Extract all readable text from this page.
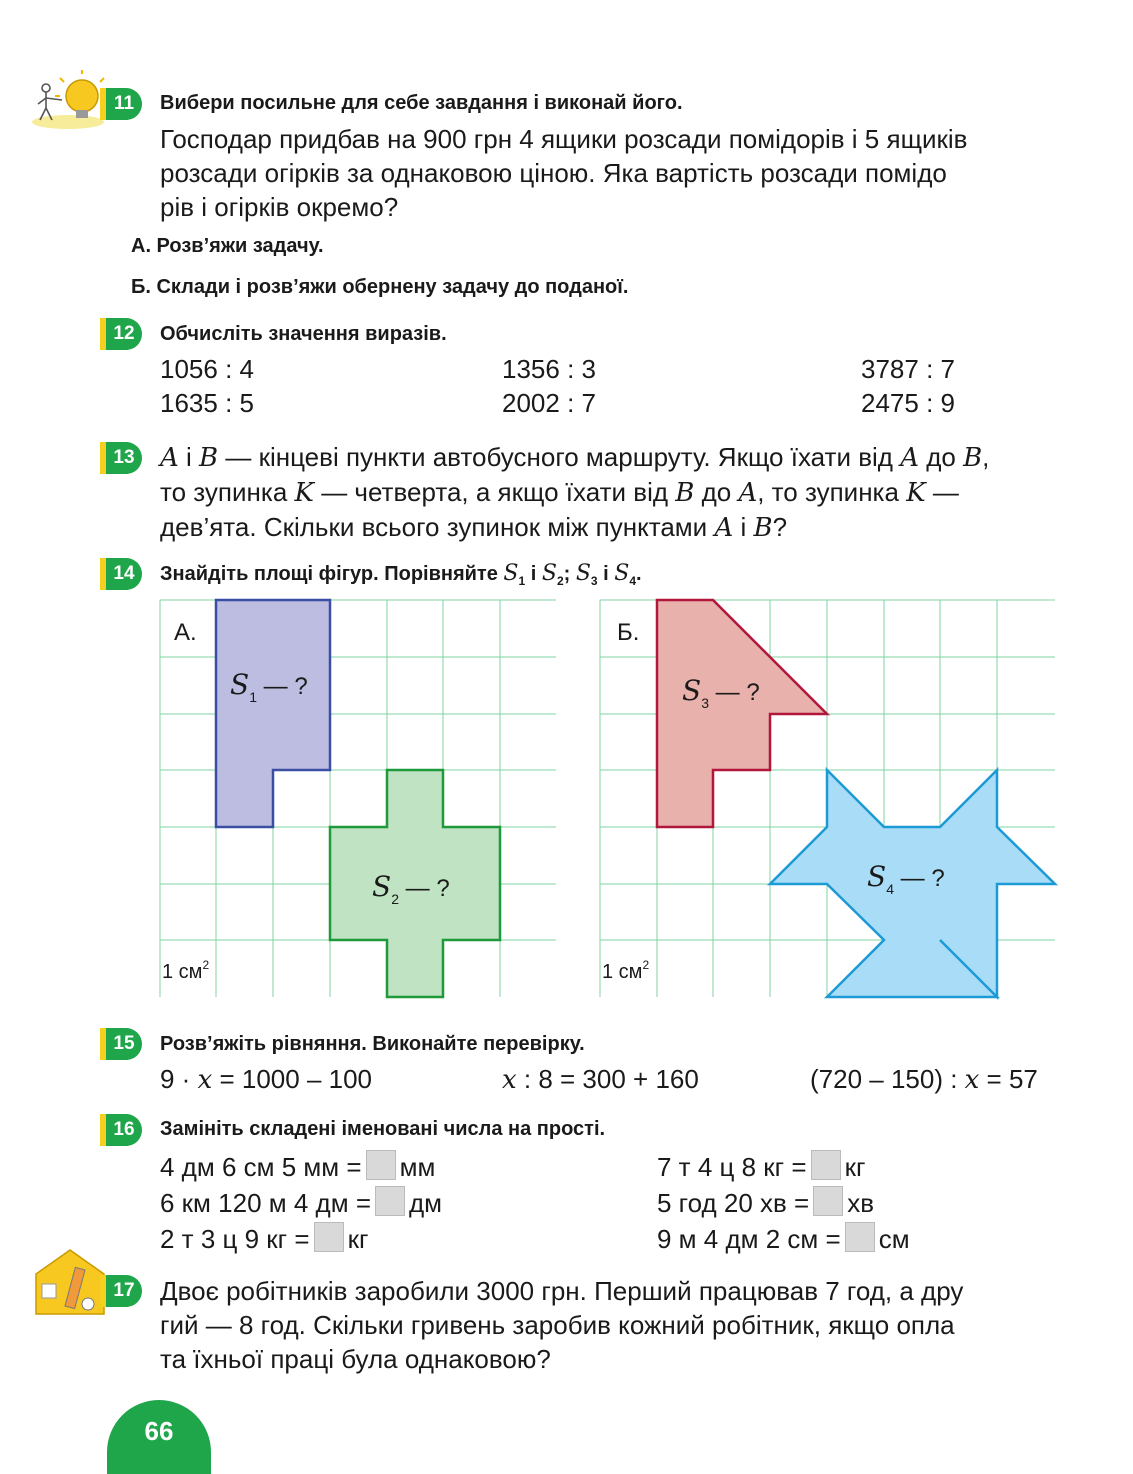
11	Вибери посильне для себе завдання і виконай його.
Господар придбав на 900 грн 4 ящики розсади помідорів і 5 ящиків
розсади огірків за однаковою ціною. Яка вартість розсади помідо
рів і огірків окремо?
А. Розв’яжи задачу.
Б. Склади і розв’яжи обернену задачу до поданої.
12	Обчисліть значення виразів.
1056 : 4	1356 : 3	3787 : 7
1635 : 5	2002 : 7	2475 : 9
13 A і B — кінцеві пункти автобусного маршруту. Якщо їхати від A до B,
то зупинка K — четверта, а якщо їхати від B до A, то зупинка K —
дев’ята. Скільки всього зупинок між пунктами A і B?
14	Знайдіть площі фігур. Порівняйте $S_1$ і $S_2$; $S_3$ і $S_4$.
А.	Б.
1 $см^2$	1 $см^2$
$S_1$ — ?
$S_2$ — ?
$S_3$ — ?
$S_4$ — ?
15	Розв’яжіть рівняння. Виконайте перевірку.
9 · x = 1000 – 100	x : 8 = 300 + 160	(720 – 150) : x = 57
16	Замініть складені іменовані числа на прості.
4 дм 6 см 5 мм = мм	7 т 4 ц 8 кг = кг
6 км 120 м 4 дм = дм	5 год 20 хв = хв
2 т 3 ц 9 кг = кг	9 м 4 дм 2 см = см
17 Двоє робітників заробили 3000 грн. Перший працював 7 год, а дру
гий — 8 год. Скільки гривень заробив кожний робітник, якщо опла
та їхньої праці була однаковою?
66
